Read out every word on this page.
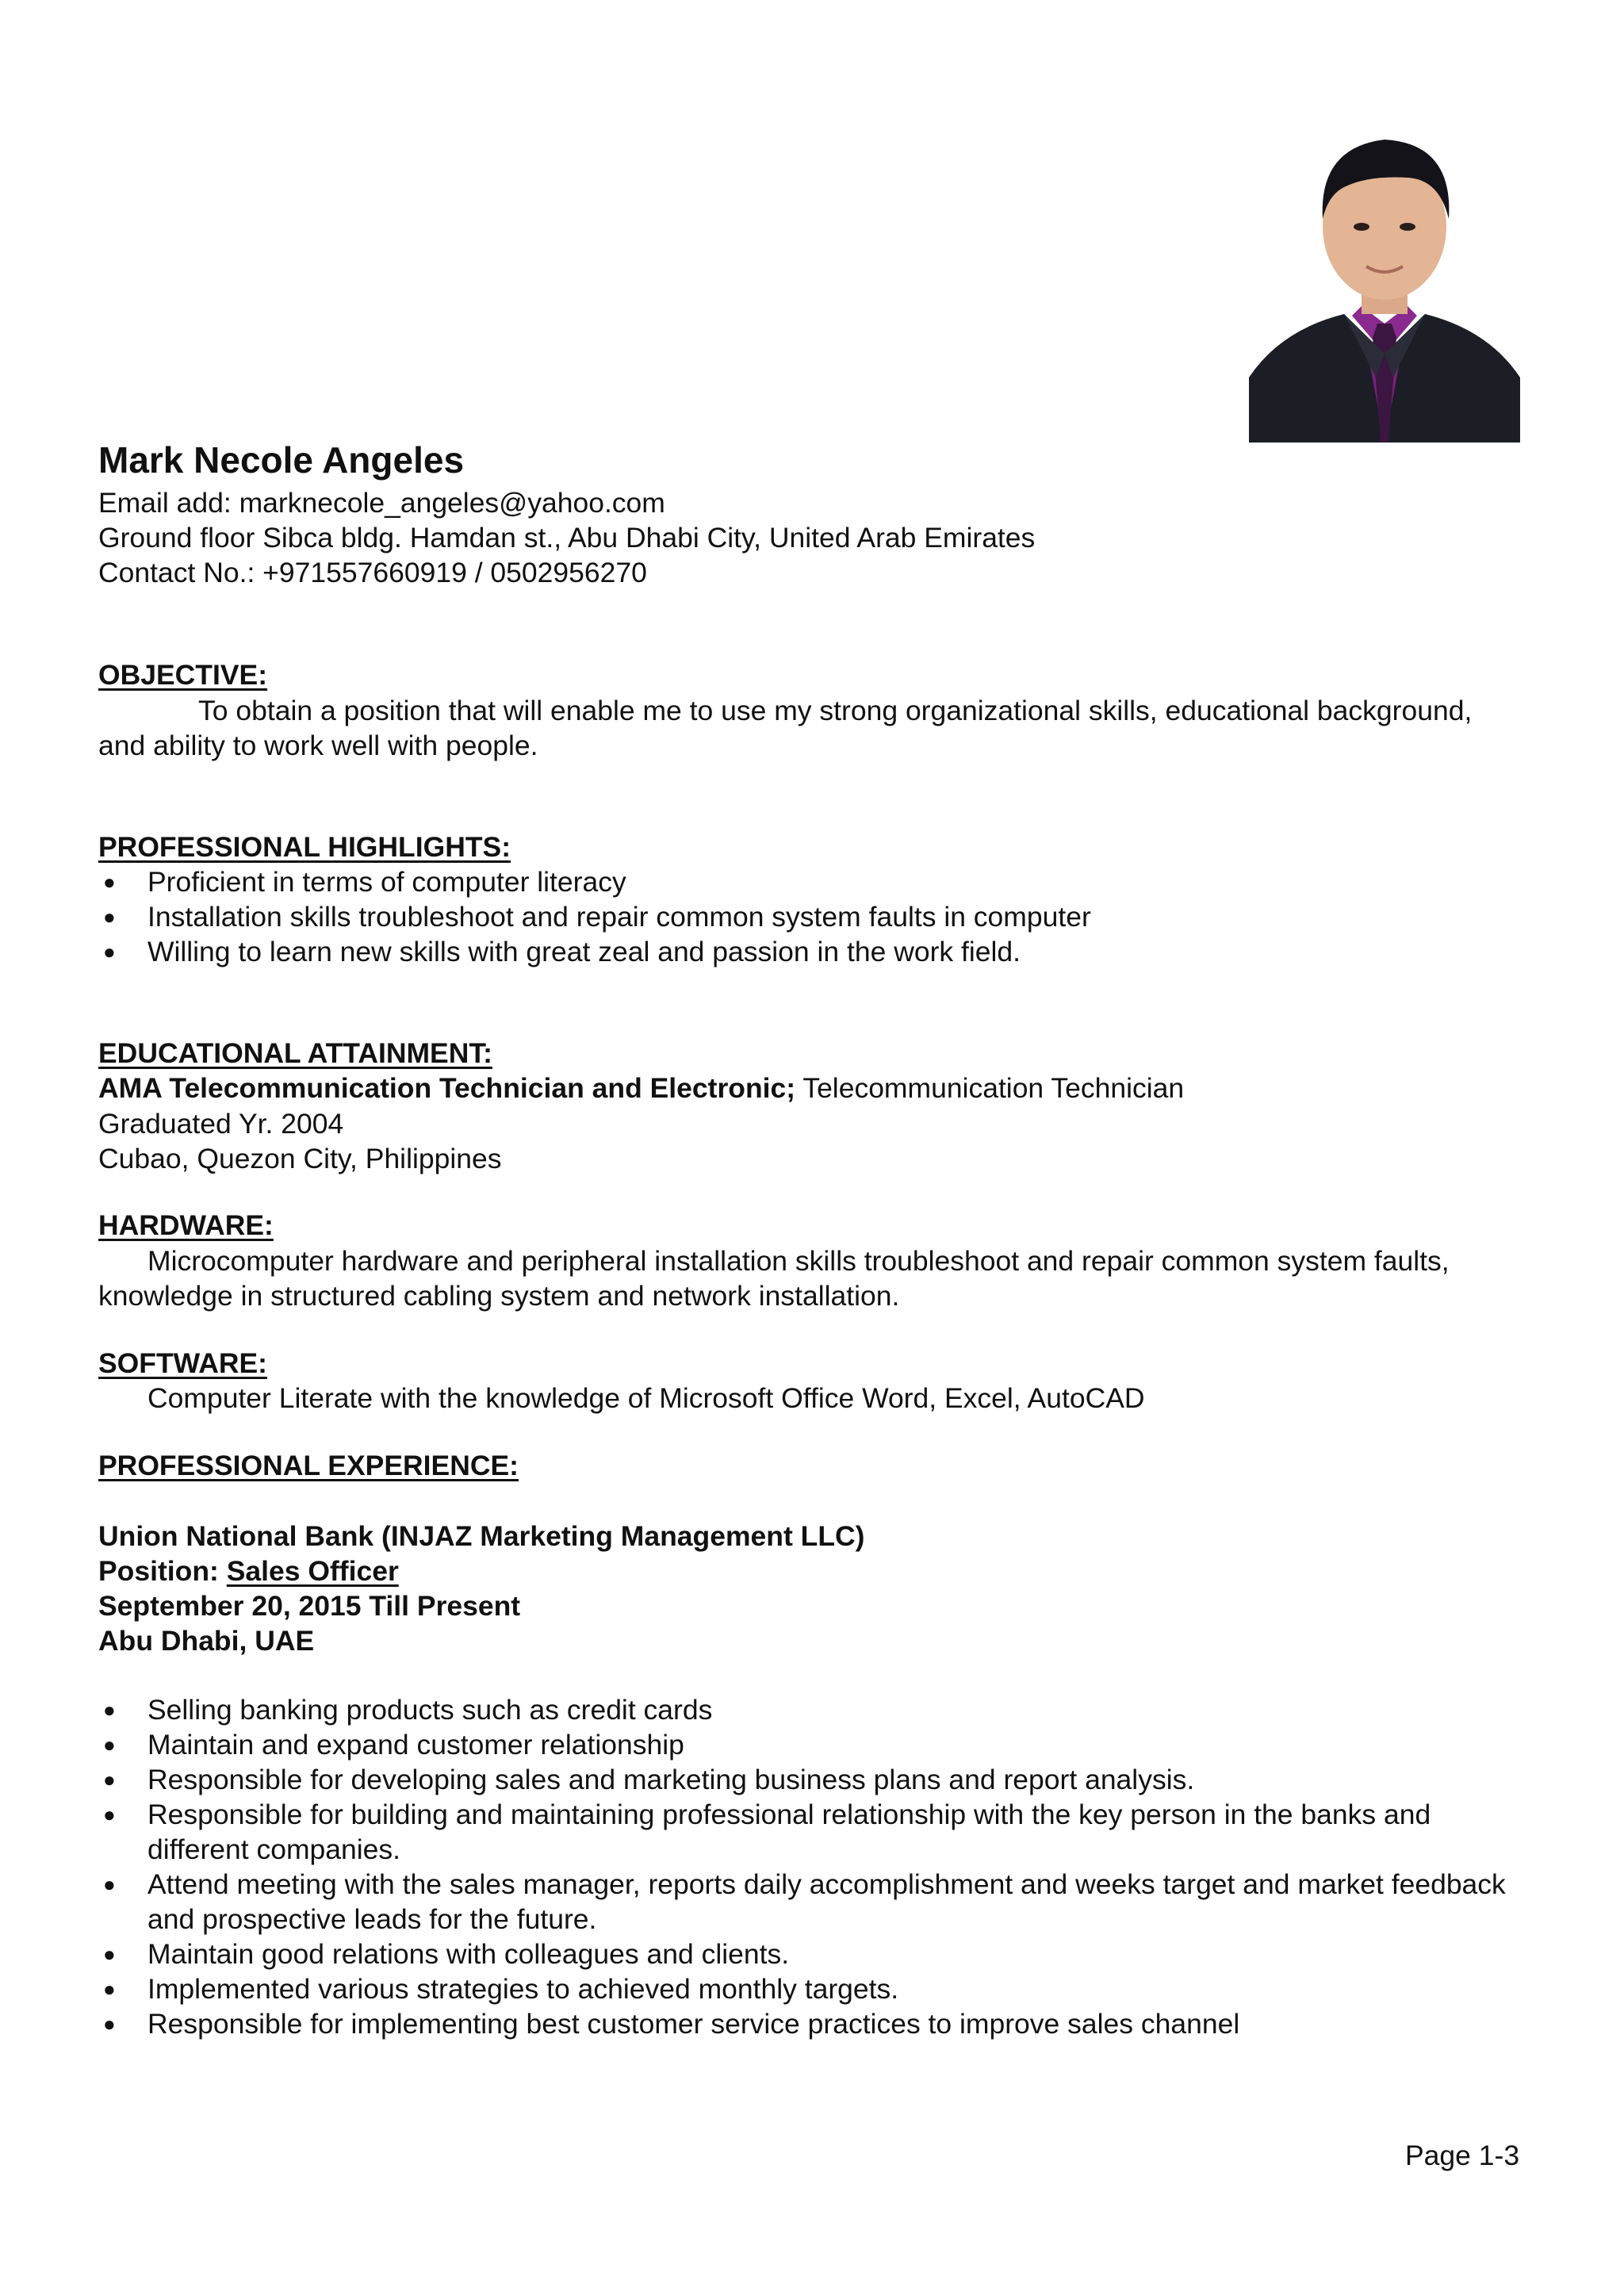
Mark Necole Angeles
Email add: marknecole_angeles@yahoo.com
Ground floor Sibca bldg. Hamdan st., Abu Dhabi City, United Arab Emirates
Contact No.: +971557660919 / 0502956270
OBJECTIVE:
To obtain a position that will enable me to use my strong organizational skills, educational background, and ability to work well with people.
PROFESSIONAL HIGHLIGHTS:
● Proficient in terms of computer literacy
● Installation skills troubleshoot and repair common system faults in computer
● Willing to learn new skills with great zeal and passion in the work field.
EDUCATIONAL ATTAINMENT:
AMA Telecommunication Technician and Electronic; Telecommunication Technician
Graduated Yr. 2004
Cubao, Quezon City, Philippines
HARDWARE:
Microcomputer hardware and peripheral installation skills troubleshoot and repair common system faults, knowledge in structured cabling system and network installation.
SOFTWARE:
Computer Literate with the knowledge of Microsoft Office Word, Excel, AutoCAD
PROFESSIONAL EXPERIENCE:
Union National Bank (INJAZ Marketing Management LLC)
Position: Sales Officer
September 20, 2015 Till Present
Abu Dhabi, UAE
● Selling banking products such as credit cards
● Maintain and expand customer relationship
● Responsible for developing sales and marketing business plans and report analysis.
● Responsible for building and maintaining professional relationship with the key person in the banks and different companies.
● Attend meeting with the sales manager, reports daily accomplishment and weeks target and market feedback and prospective leads for the future.
● Maintain good relations with colleagues and clients.
● Implemented various strategies to achieved monthly targets.
● Responsible for implementing best customer service practices to improve sales channel
Page 1-3
